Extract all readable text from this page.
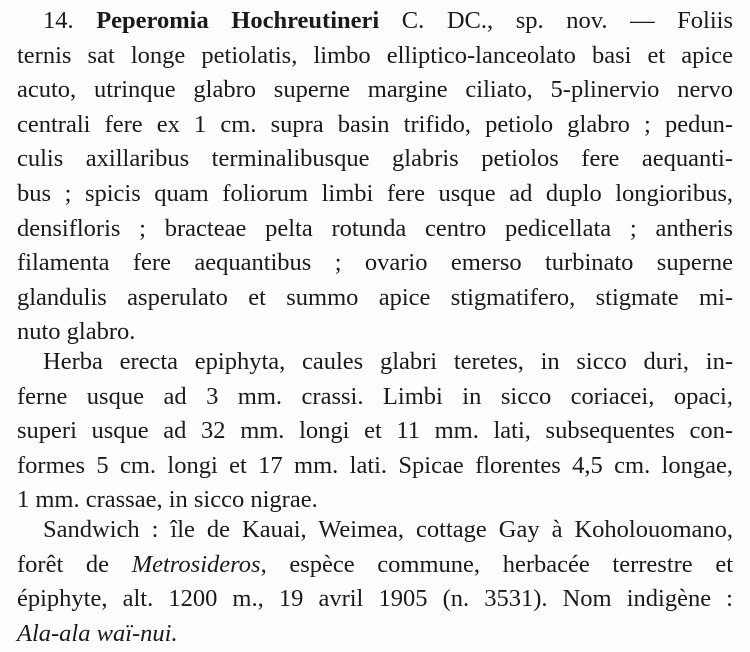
14. Peperomia Hochreutineri C. DC., sp. nov. — Foliis
ternis sat longe petiolatis, limbo elliptico-lanceolato basi et apice
acuto, utrinque glabro superne margine ciliato, 5-plinervio nervo
centrali fere ex 1 cm. supra basin trifido, petiolo glabro ; pedun-
culis axillaribus terminalibusque glabris petiolos fere aequanti-
bus ; spicis quam foliorum limbi fere usque ad duplo longioribus,
densifloris ; bracteae pelta rotunda centro pedicellata ; antheris
filamenta fere aequantibus ; ovario emerso turbinato superne
glandulis asperulato et summo apice stigmatifero, stigmate mi-
nuto glabro.
Herba erecta epiphyta, caules glabri teretes, in sicco duri, in-
ferne usque ad 3 mm. crassi. Limbi in sicco coriacei, opaci,
superi usque ad 32 mm. longi et 11 mm. lati, subsequentes con-
formes 5 cm. longi et 17 mm. lati. Spicae florentes 4,5 cm. longae,
1 mm. crassae, in sicco nigrae.
Sandwich : île de Kauai, Weimea, cottage Gay à Koholouomano,
forêt de Metrosideros, espèce commune, herbacée terrestre et
épiphyte, alt. 1200 m., 19 avril 1905 (n. 3531). Nom indigène :
Ala-ala waï-nui.
